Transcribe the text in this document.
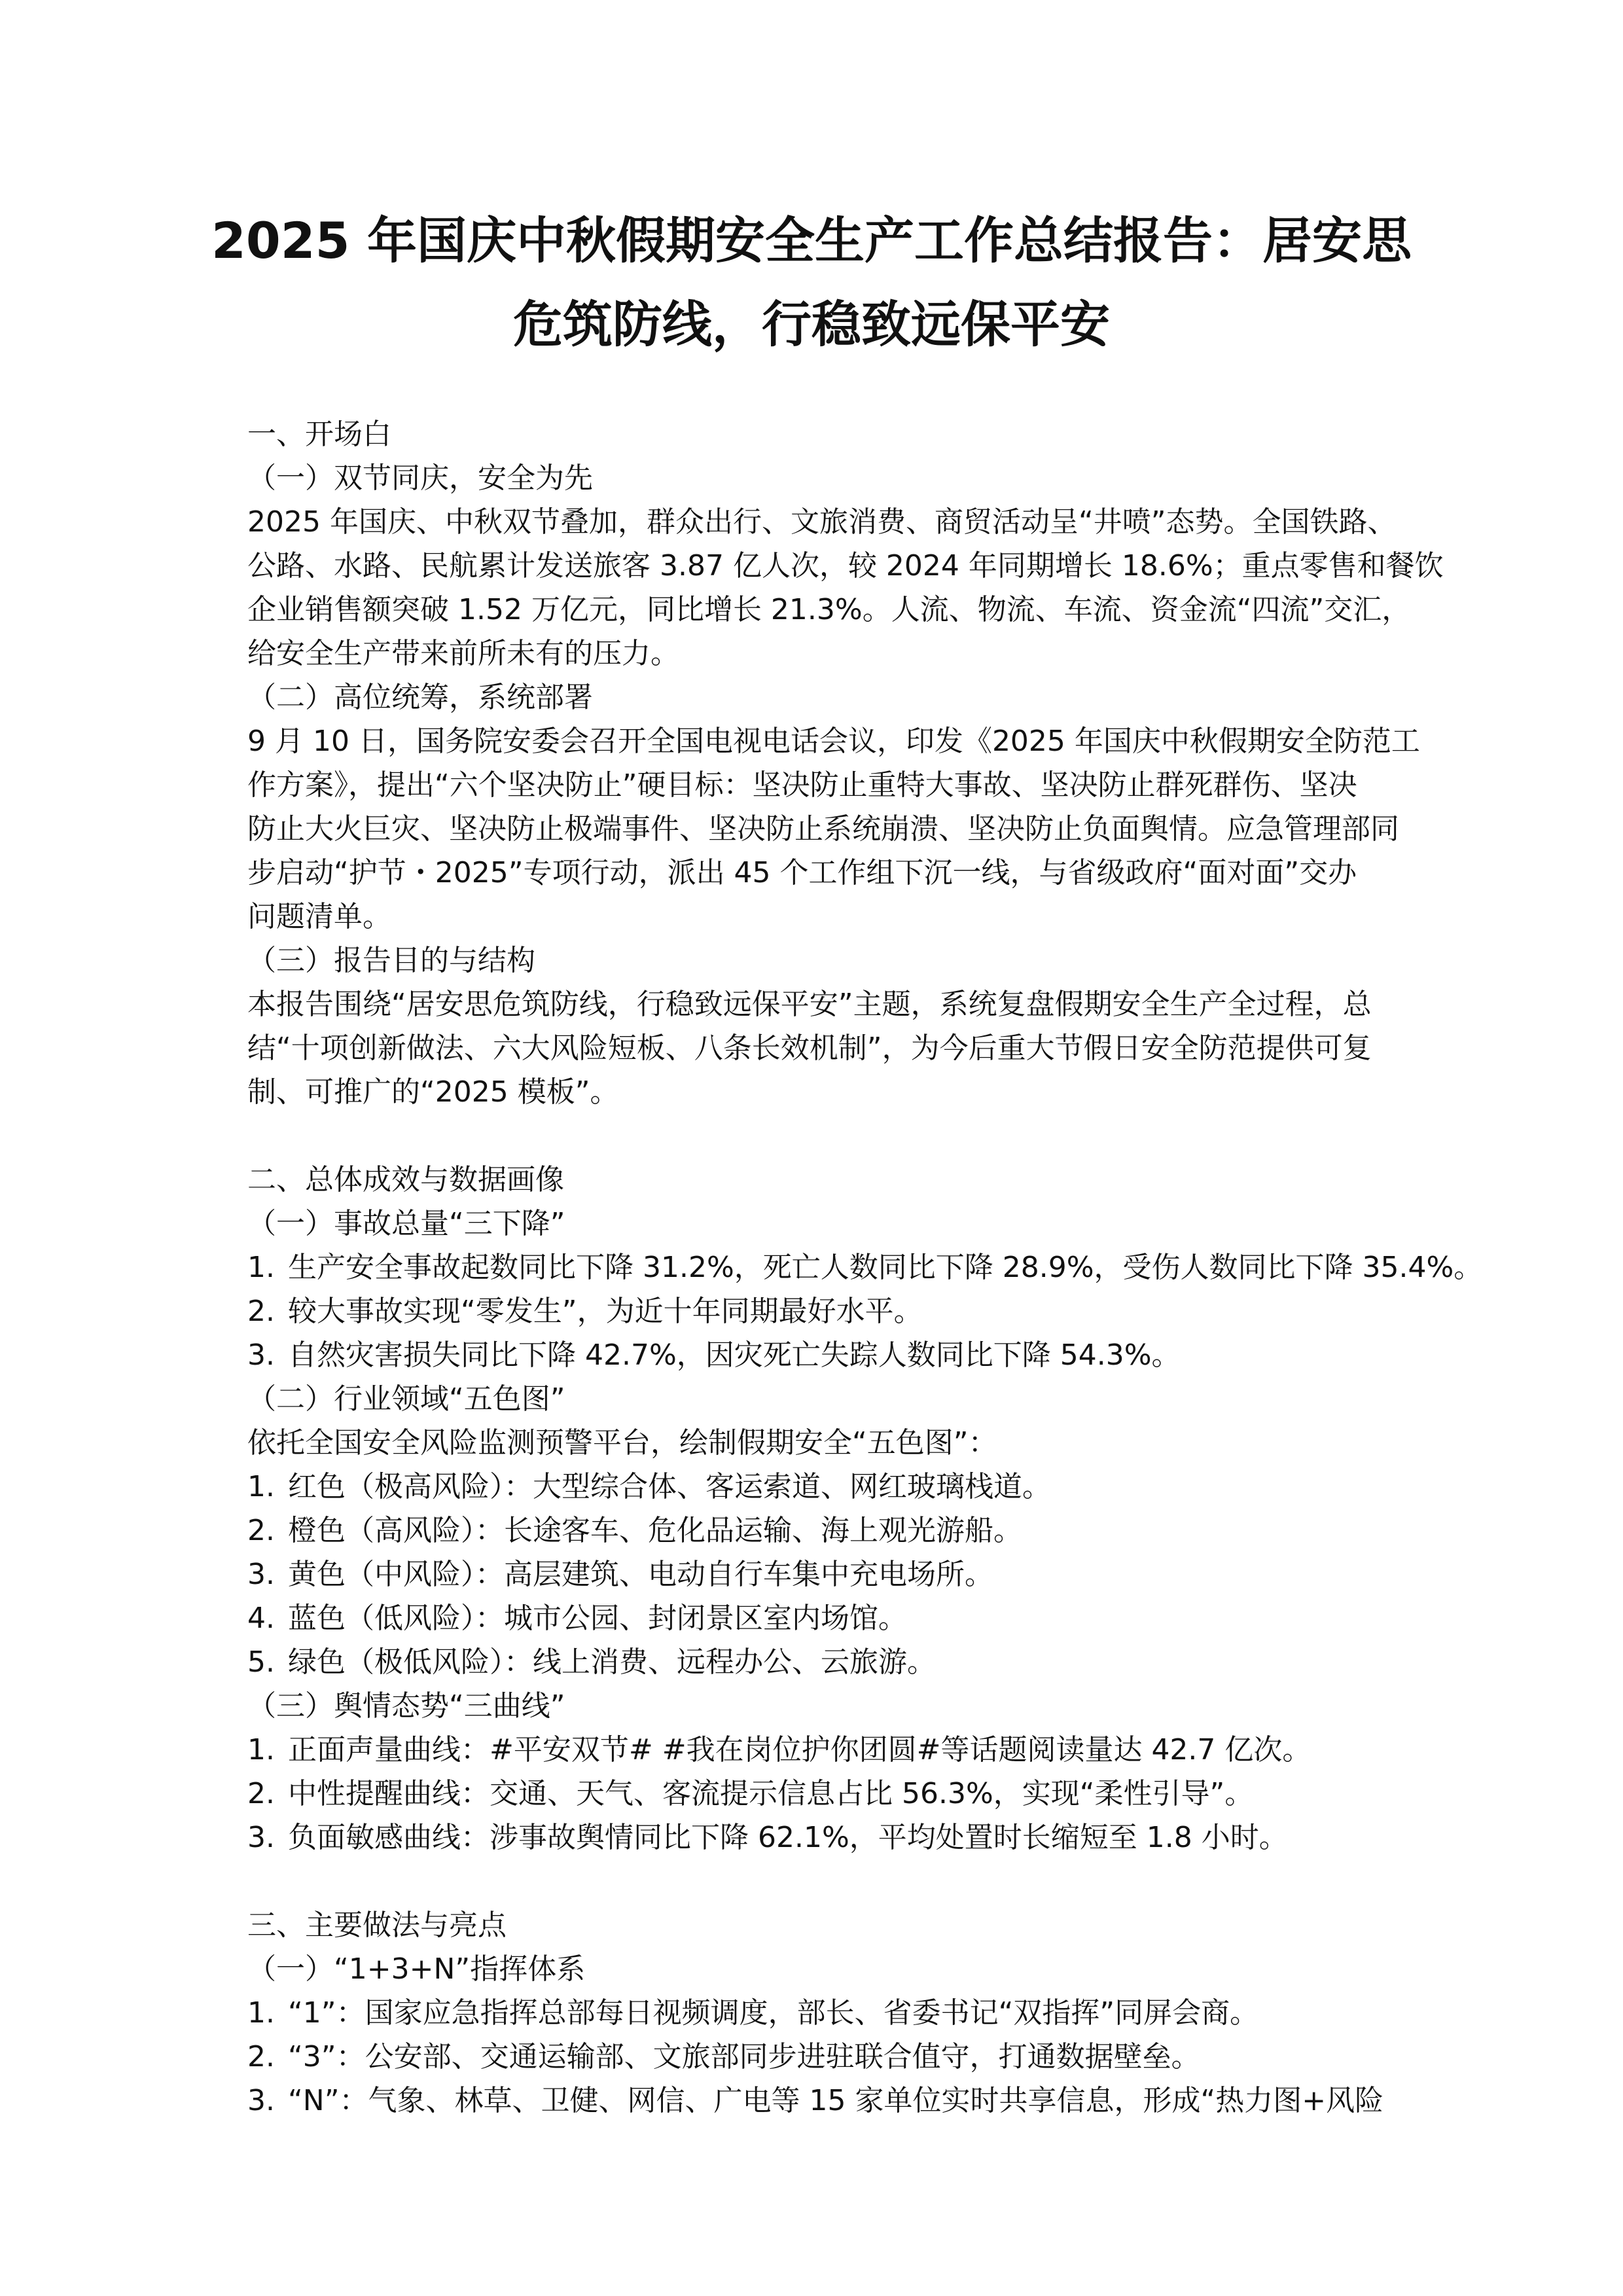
2025 年国庆中秋假期安全生产工作总结报告：居安思
危筑防线，行稳致远保平安
一、开场白
（一）双节同庆，安全为先
2025 年国庆、中秋双节叠加，群众出行、文旅消费、商贸活动呈“井喷”态势。全国铁路、
公路、水路、民航累计发送旅客 3.87 亿人次，较 2024 年同期增长 18.6%；重点零售和餐饮
企业销售额突破 1.52 万亿元，同比增长 21.3%。人流、物流、车流、资金流“四流”交汇，
给安全生产带来前所未有的压力。
（二）高位统筹，系统部署
9 月 10 日，国务院安委会召开全国电视电话会议，印发《2025 年国庆中秋假期安全防范工
作方案》，提出“六个坚决防止”硬目标：坚决防止重特大事故、坚决防止群死群伤、坚决
防止大火巨灾、坚决防止极端事件、坚决防止系统崩溃、坚决防止负面舆情。应急管理部同
步启动“护节・2025”专项行动，派出 45 个工作组下沉一线，与省级政府“面对面”交办
问题清单。
（三）报告目的与结构
本报告围绕“居安思危筑防线，行稳致远保平安”主题，系统复盘假期安全生产全过程，总
结“十项创新做法、六大风险短板、八条长效机制”，为今后重大节假日安全防范提供可复
制、可推广的“2025 模板”。
二、总体成效与数据画像
（一）事故总量“三下降”
1. 生产安全事故起数同比下降 31.2%，死亡人数同比下降 28.9%，受伤人数同比下降 35.4%。
2. 较大事故实现“零发生”，为近十年同期最好水平。
3. 自然灾害损失同比下降 42.7%，因灾死亡失踪人数同比下降 54.3%。
（二）行业领域“五色图”
依托全国安全风险监测预警平台，绘制假期安全“五色图”：
1. 红色（极高风险）：大型综合体、客运索道、网红玻璃栈道。
2. 橙色（高风险）：长途客车、危化品运输、海上观光游船。
3. 黄色（中风险）：高层建筑、电动自行车集中充电场所。
4. 蓝色（低风险）：城市公园、封闭景区室内场馆。
5. 绿色（极低风险）：线上消费、远程办公、云旅游。
（三）舆情态势“三曲线”
1. 正面声量曲线：#平安双节# #我在岗位护你团圆#等话题阅读量达 42.7 亿次。
2. 中性提醒曲线：交通、天气、客流提示信息占比 56.3%，实现“柔性引导”。
3. 负面敏感曲线：涉事故舆情同比下降 62.1%，平均处置时长缩短至 1.8 小时。
三、主要做法与亮点
（一）“1+3+N”指挥体系
1. “1”：国家应急指挥总部每日视频调度，部长、省委书记“双指挥”同屏会商。
2. “3”：公安部、交通运输部、文旅部同步进驻联合值守，打通数据壁垒。
3. “N”：气象、林草、卫健、网信、广电等 15 家单位实时共享信息，形成“热力图+风险
